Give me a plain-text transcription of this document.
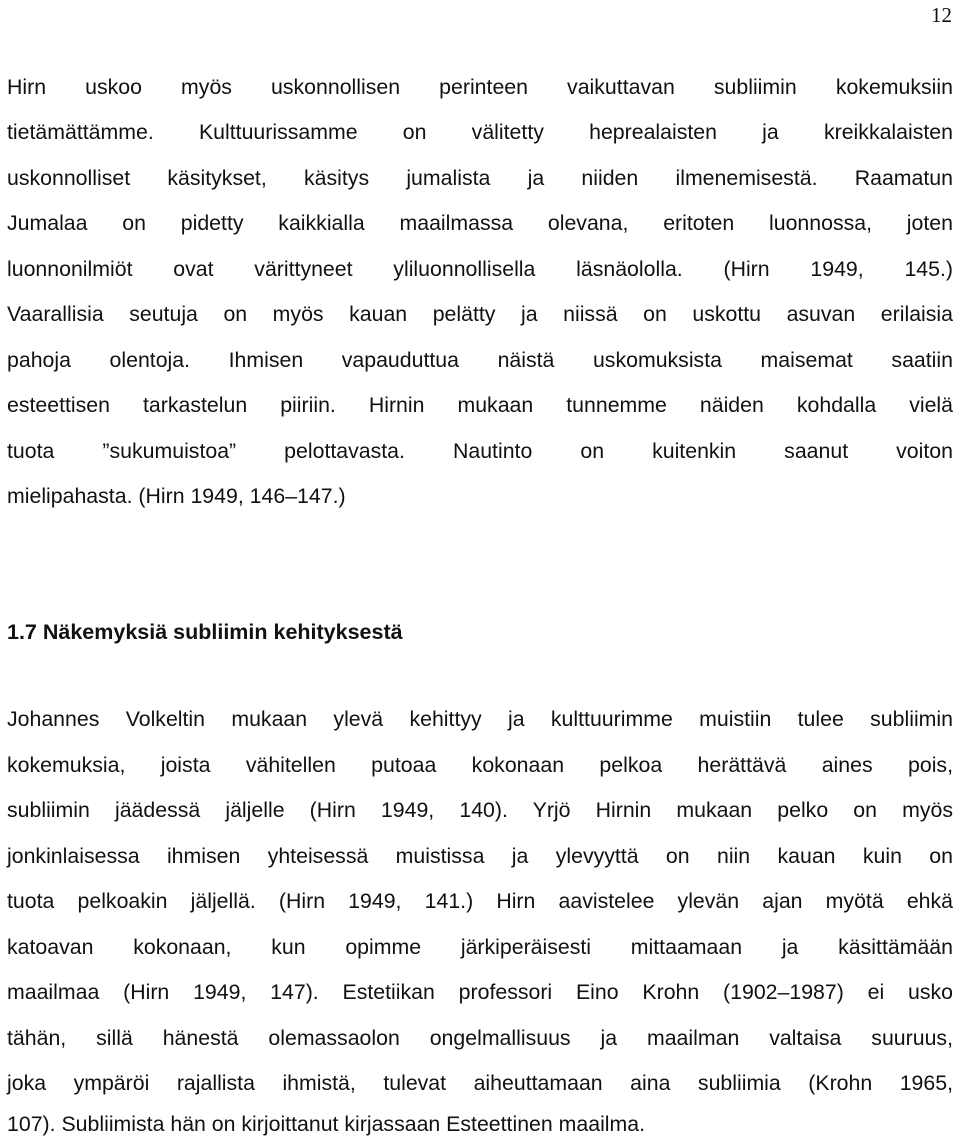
12
Hirn uskoo myös uskonnollisen perinteen vaikuttavan subliimin kokemuksiin
tietämättämme. Kulttuurissamme on välitetty heprealaisten ja kreikkalaisten
uskonnolliset käsitykset, käsitys jumalista ja niiden ilmenemisestä. Raamatun
Jumalaa on pidetty kaikkialla maailmassa olevana, eritoten luonnossa, joten
luonnonilmiöt ovat värittyneet yliluonnollisella läsnäololla. (Hirn 1949, 145.)
Vaarallisia seutuja on myös kauan pelätty ja niissä on uskottu asuvan erilaisia
pahoja olentoja. Ihmisen vapauduttua näistä uskomuksista maisemat saatiin
esteettisen tarkastelun piiriin. Hirnin mukaan tunnemme näiden kohdalla vielä
tuota ”sukumuistoa” pelottavasta. Nautinto on kuitenkin saanut voiton
mielipahasta. (Hirn 1949, 146–147.)
1.7 Näkemyksiä subliimin kehityksestä
Johannes Volkeltin mukaan ylevä kehittyy ja kulttuurimme muistiin tulee subliimin
kokemuksia, joista vähitellen putoaa kokonaan pelkoa herättävä aines pois,
subliimin jäädessä jäljelle (Hirn 1949, 140). Yrjö Hirnin mukaan pelko on myös
jonkinlaisessa ihmisen yhteisessä muistissa ja ylevyyttä on niin kauan kuin on
tuota pelkoakin jäljellä. (Hirn 1949, 141.) Hirn aavistelee ylevän ajan myötä ehkä
katoavan kokonaan, kun opimme järkiperäisesti mittaamaan ja käsittämään
maailmaa (Hirn 1949, 147). Estetiikan professori Eino Krohn (1902–1987) ei usko
tähän, sillä hänestä olemassaolon ongelmallisuus ja maailman valtaisa suuruus,
joka ympäröi rajallista ihmistä, tulevat aiheuttamaan aina subliimia (Krohn 1965,
107). Subliimista hän on kirjoittanut kirjassaan Esteettinen maailma.
